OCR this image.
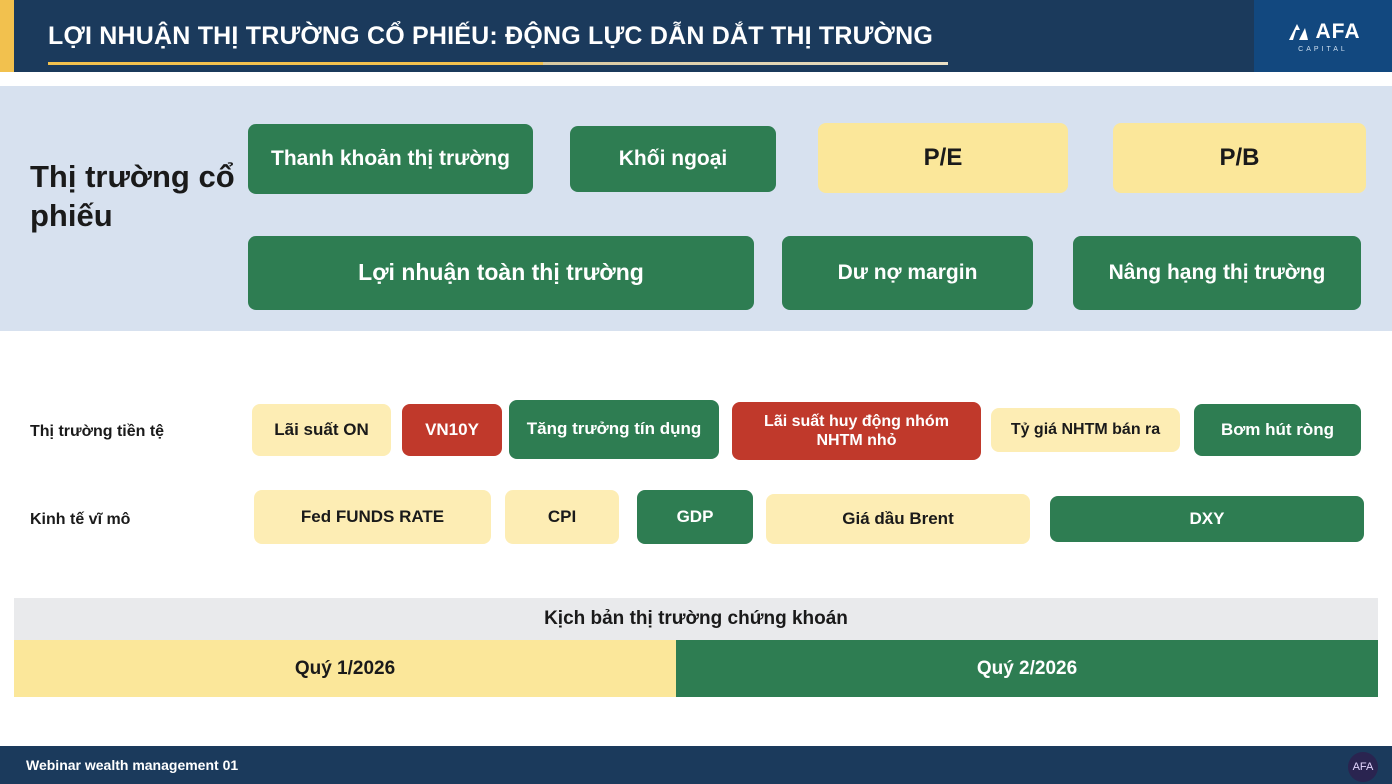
LỢI NHUẬN THỊ TRƯỜNG CỔ PHIẾU: ĐỘNG LỰC DẪN DẮT THỊ TRƯỜNG	AFA
CAPITAL
Thị trường cổ phiếu
Thanh khoản thị trường	Khối ngoại	P/E	P/B
Lợi nhuận toàn thị trường	Dư nợ margin	Nâng hạng thị trường
Thị trường tiền tệ	Lãi suất ON	VN10Y	Tăng trưởng tín dụng	Lãi suất huy động nhóm NHTM nhỏ
Tỷ giá NHTM bán ra	Bơm hút ròng
Kinh tế vĩ mô	Fed FUNDS RATE	CPI	GDP	Giá dầu Brent	DXY
Kịch bản thị trường chứng khoán
Quý 1/2026	Quý 2/2026
Webinar wealth management 01	AFA
